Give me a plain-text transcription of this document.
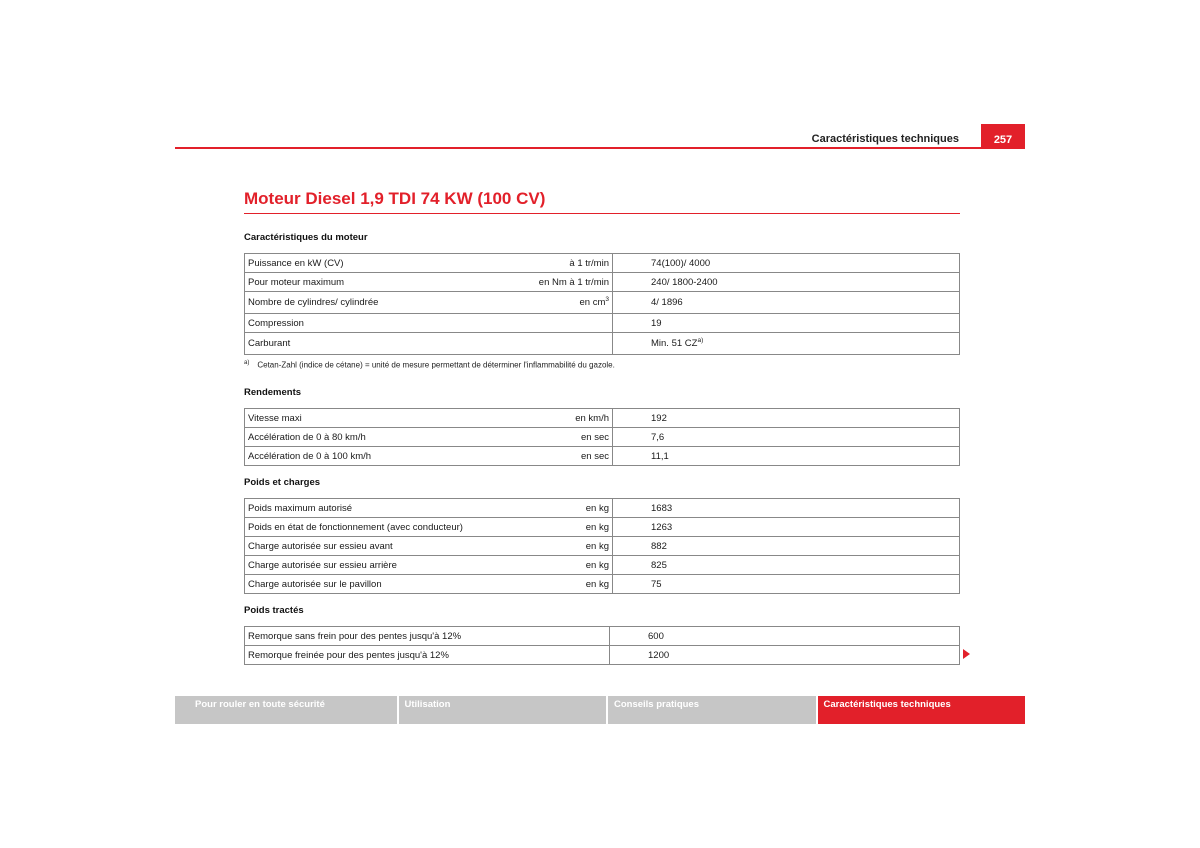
Caractéristiques techniques	257
Moteur Diesel 1,9 TDI 74 KW (100 CV)
Caractéristiques du moteur
Puissance en kW (CV)	à 1 tr/min	74(100)/ 4000
Pour moteur maximum	en Nm à 1 tr/min	240/ 1800-2400
Nombre de cylindres/ cylindrée	en $cm^3$	4/ 1896
Compression		19
Carburant		Min. 51 CZ$^{a)}$
$^{a)}$ Cetan-Zahl (indice de cétane) = unité de mesure permettant de déterminer l'inflammabilité du gazole.
Rendements
Vitesse maxi	en km/h	192
Accélération de 0 à 80 km/h	en sec	7,6
Accélération de 0 à 100 km/h	en sec	11,1
Poids et charges
Poids maximum autorisé	en kg	1683
Poids en état de fonctionnement (avec conducteur)	en kg	1263
Charge autorisée sur essieu avant	en kg	882
Charge autorisée sur essieu arrière	en kg	825
Charge autorisée sur le pavillon	en kg	75
Poids tractés
Remorque sans frein pour des pentes jusqu'à 12%	600
Remorque freinée pour des pentes jusqu'à 12%	1200
Pour rouler en toute sécurité	Utilisation	Conseils pratiques	Caractéristiques techniques
